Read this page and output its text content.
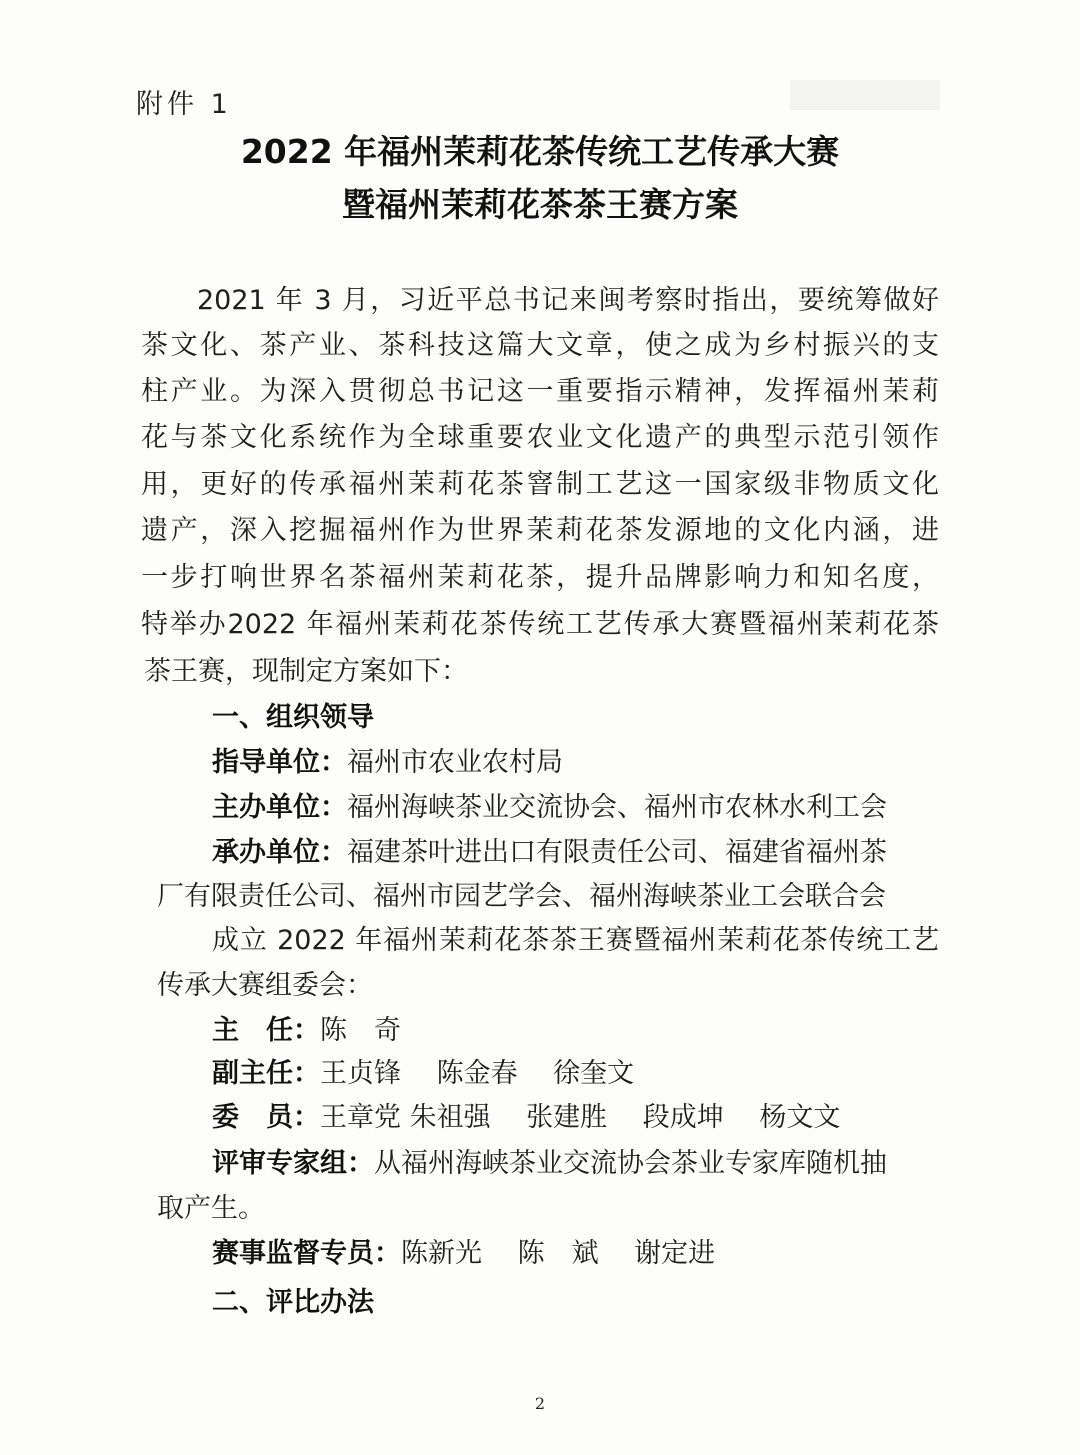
附件 1
2022 年福州茉莉花茶传统工艺传承大赛
暨福州茉莉花茶茶王赛方案
2021 年 3 月，习近平总书记来闽考察时指出，要统筹做好
茶文化、茶产业、茶科技这篇大文章，使之成为乡村振兴的支
柱产业。为深入贯彻总书记这一重要指示精神，发挥福州茉莉
花与茶文化系统作为全球重要农业文化遗产的典型示范引领作
用，更好的传承福州茉莉花茶窨制工艺这一国家级非物质文化
遗产，深入挖掘福州作为世界茉莉花茶发源地的文化内涵，进
一步打响世界名茶福州茉莉花茶，提升品牌影响力和知名度，
特举办2022 年福州茉莉花茶传统工艺传承大赛暨福州茉莉花茶
茶王赛，现制定方案如下：
一、组织领导
指导单位：福州市农业农村局
主办单位：福州海峡茶业交流协会、福州市农林水利工会
承办单位：福建茶叶进出口有限责任公司、福建省福州茶
厂有限责任公司、福州市园艺学会、福州海峡茶业工会联合会
成立 2022 年福州茉莉花茶茶王赛暨福州茉莉花茶传统工艺
传承大赛组委会：
主　任：陈　奇
副主任：王贞锋　 陈金春　 徐奎文
委　员：王章党 朱祖强　 张建胜　 段成坤　 杨文文
评审专家组：从福州海峡茶业交流协会茶业专家库随机抽
取产生。
赛事监督专员：陈新光　 陈　斌　 谢定进
二、评比办法
2
